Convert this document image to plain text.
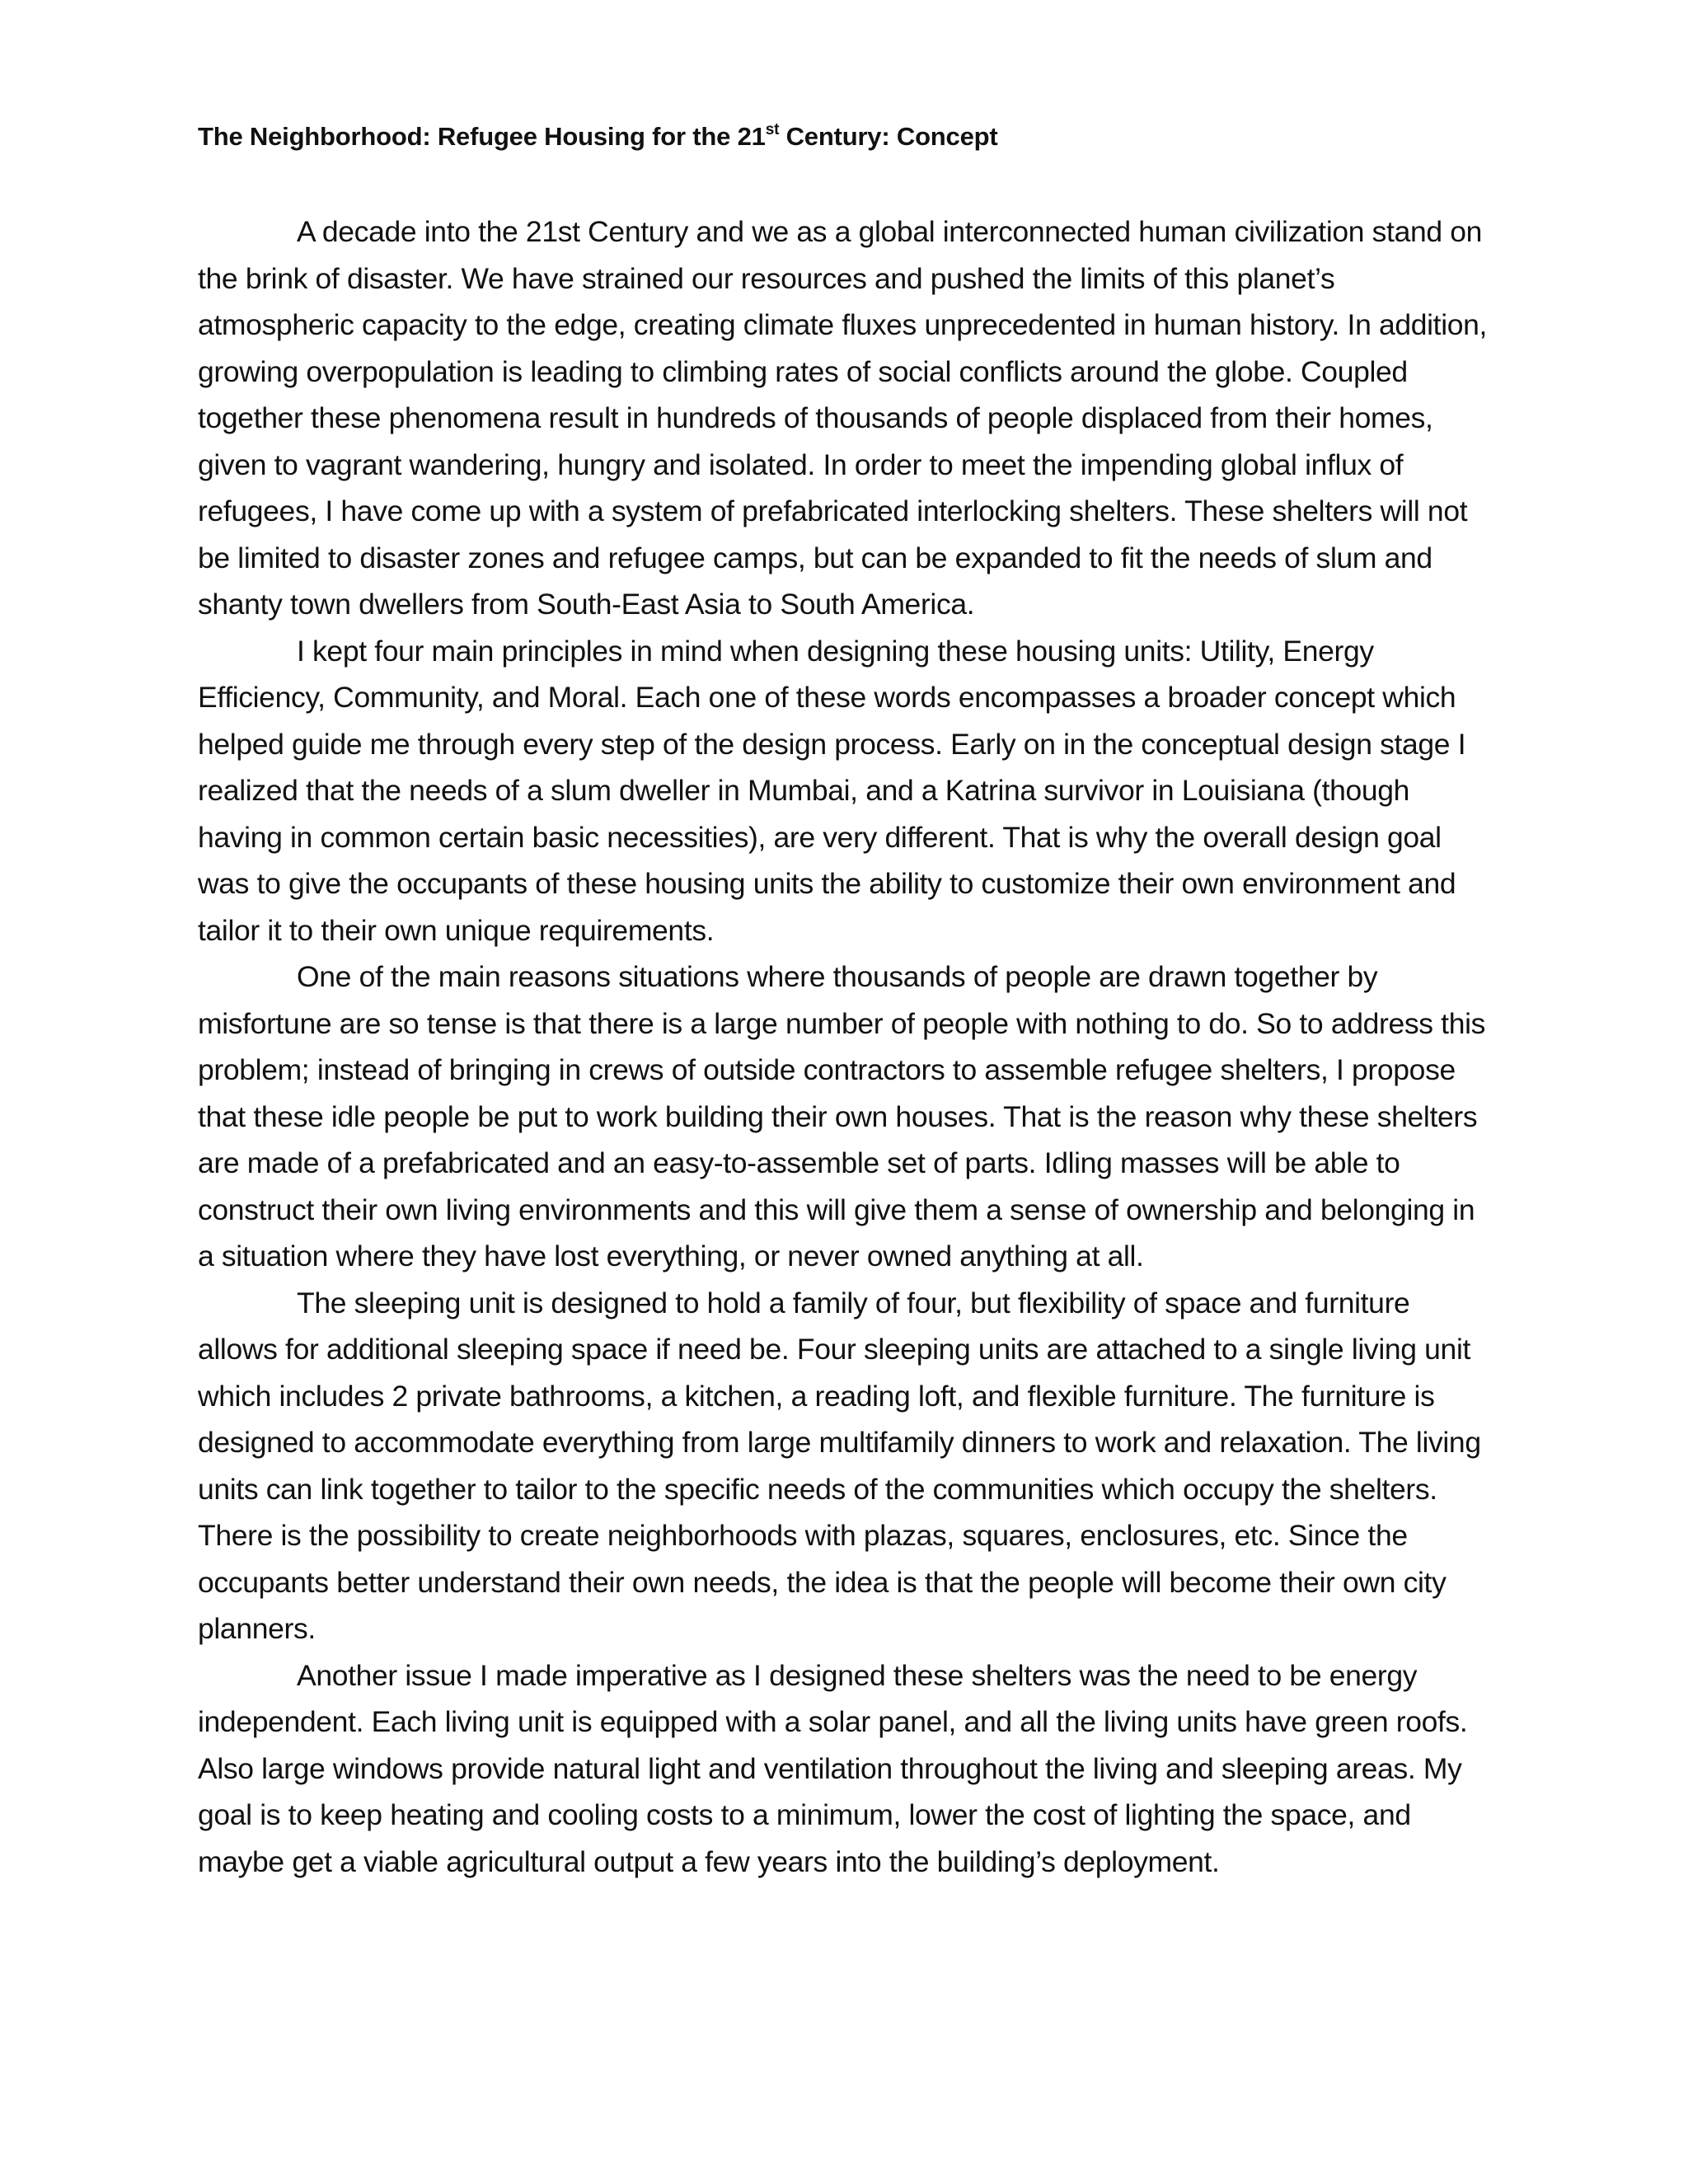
The Neighborhood: Refugee Housing for the 21st Century: Concept

A decade into the 21st Century and we as a global interconnected human civilization stand on the brink of disaster. We have strained our resources and pushed the limits of this planet’s atmospheric capacity to the edge, creating climate fluxes unprecedented in human history. In addition, growing overpopulation is leading to climbing rates of social conflicts around the globe. Coupled together these phenomena result in hundreds of thousands of people displaced from their homes, given to vagrant wandering, hungry and isolated. In order to meet the impending global influx of refugees, I have come up with a system of prefabricated interlocking shelters. These shelters will not be limited to disaster zones and refugee camps, but can be expanded to fit the needs of slum and shanty town dwellers from South-East Asia to South America.

I kept four main principles in mind when designing these housing units: Utility, Energy Efficiency, Community, and Moral. Each one of these words encompasses a broader concept which helped guide me through every step of the design process. Early on in the conceptual design stage I realized that the needs of a slum dweller in Mumbai, and a Katrina survivor in Louisiana (though having in common certain basic necessities), are very different. That is why the overall design goal was to give the occupants of these housing units the ability to customize their own environment and tailor it to their own unique requirements.

One of the main reasons situations where thousands of people are drawn together by misfortune are so tense is that there is a large number of people with nothing to do. So to address this problem; instead of bringing in crews of outside contractors to assemble refugee shelters, I propose that these idle people be put to work building their own houses. That is the reason why these shelters are made of a prefabricated and an easy-to-assemble set of parts. Idling masses will be able to construct their own living environments and this will give them a sense of ownership and belonging in a situation where they have lost everything, or never owned anything at all.

The sleeping unit is designed to hold a family of four, but flexibility of space and furniture allows for additional sleeping space if need be. Four sleeping units are attached to a single living unit which includes 2 private bathrooms, a kitchen, a reading loft, and flexible furniture. The furniture is designed to accommodate everything from large multifamily dinners to work and relaxation. The living units can link together to tailor to the specific needs of the communities which occupy the shelters. There is the possibility to create neighborhoods with plazas, squares, enclosures, etc. Since the occupants better understand their own needs, the idea is that the people will become their own city planners.

Another issue I made imperative as I designed these shelters was the need to be energy independent. Each living unit is equipped with a solar panel, and all the living units have green roofs. Also large windows provide natural light and ventilation throughout the living and sleeping areas. My goal is to keep heating and cooling costs to a minimum, lower the cost of lighting the space, and maybe get a viable agricultural output a few years into the building’s deployment.
